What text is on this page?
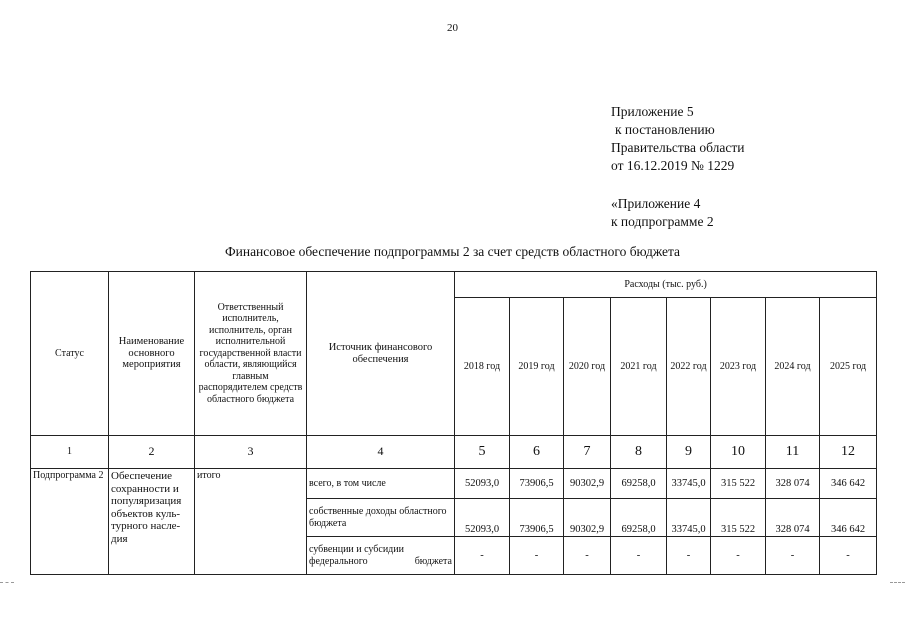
20
Приложение 5
к постановлению
Правительства области
от 16.12.2019 № 1229
«Приложение 4
к подпрограмме 2
Финансовое обеспечение подпрограммы 2 за счет средств областного бюджета
Статус	Наименование основного мероприятия	Ответственный исполнитель, исполнитель, орган исполнительной государственной власти области, являющийся главным распорядителем средств областного бюджета	Источник финансового обеспечения	Расходы (тыс. руб.)							
				2018 год	2019 год	2020 год	2021 год	2022 год	2023 год	2024 год	2025 год
1	2	3	4	5	6	7	8	9	10	11	12
Подпрограмма 2	Обеспечение сохранности и популяризация объектов куль-турного насле-дия	итого	всего, в том числе	52093,0	73906,5	90302,9	69258,0	33745,0	315 522	328 074	346 642
			собственные доходы областного бюджета	52093,0	73906,5	90302,9	69258,0	33745,0	315 522	328 074	346 642
			субвенции и субсидии федерального бюджета	-	-	-	-	-	-	-	-
